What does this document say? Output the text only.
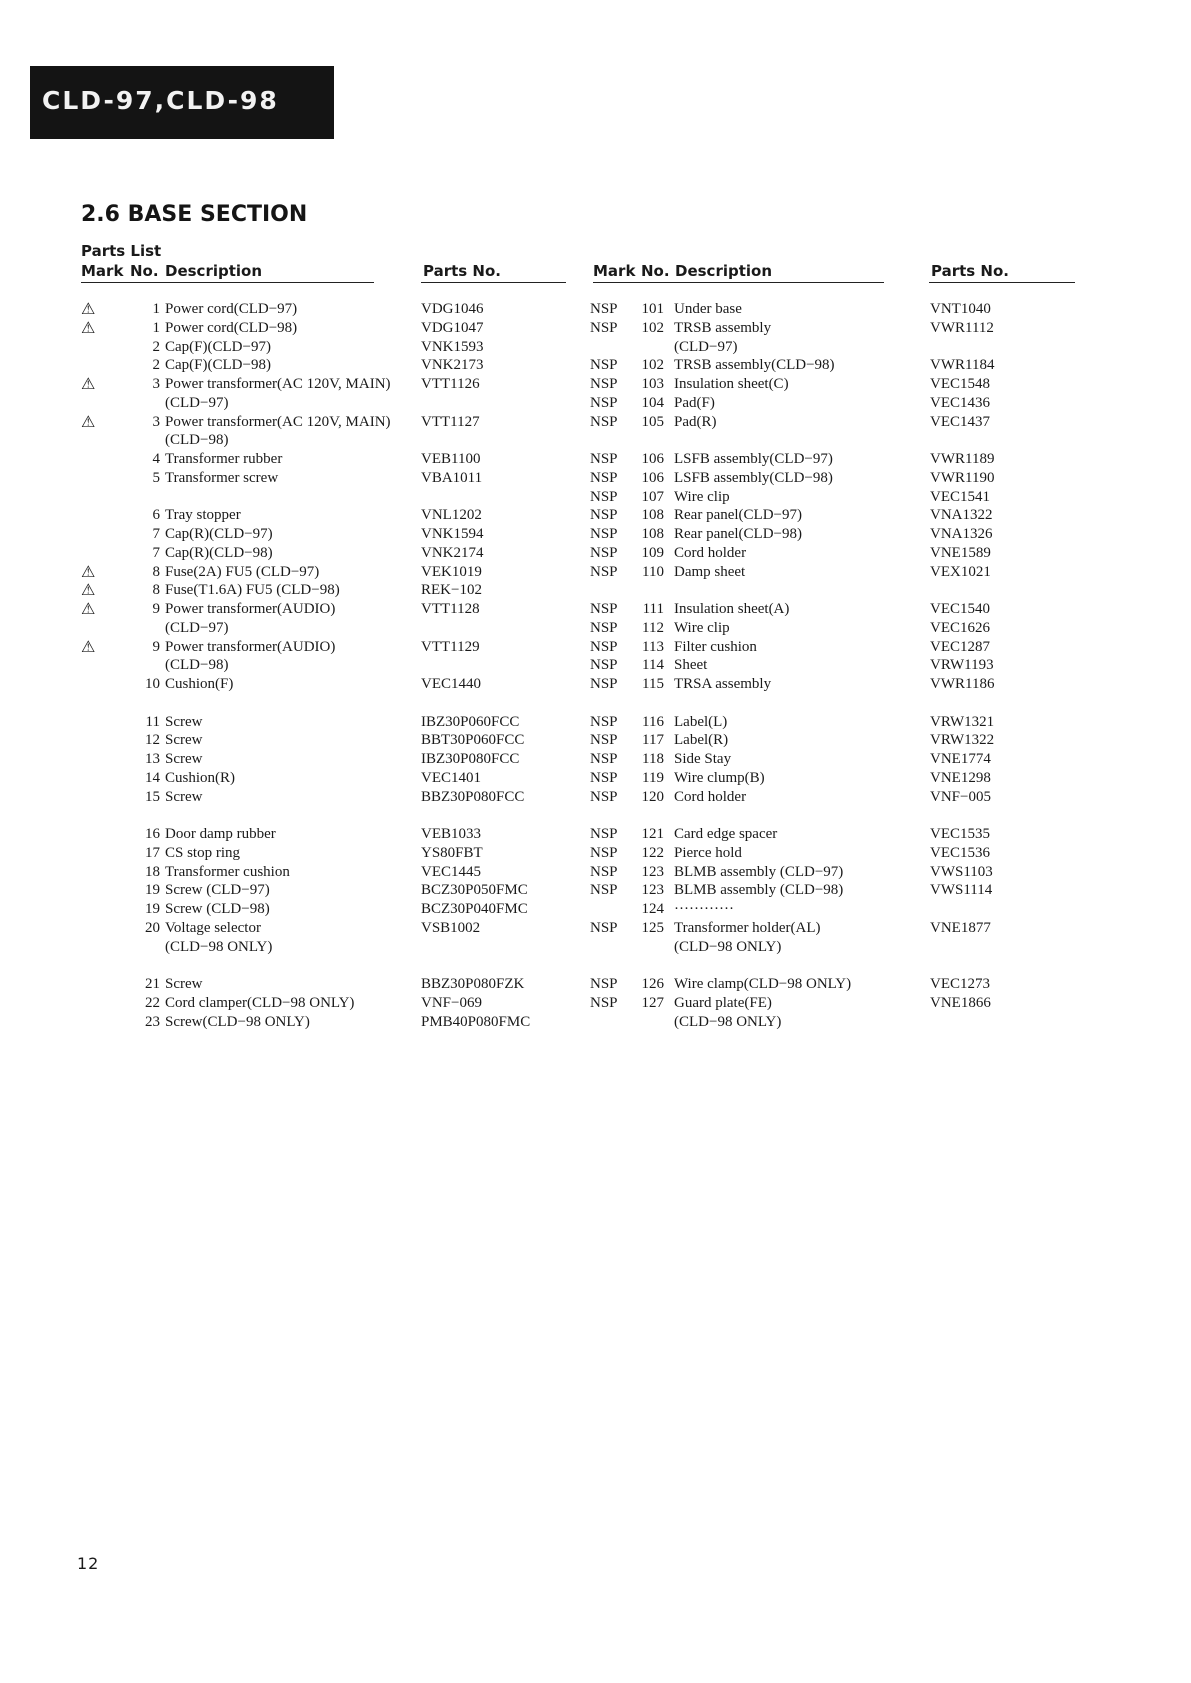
CLD-97,CLD-98
2.6 BASE SECTION
Parts List
Mark No. Description	Parts No.	Mark No. Description	Parts No.
⚠	1 Power cord(CLD−97)	VDG1046
⚠	1 Power cord(CLD−98)	VDG1047
2 Cap(F)(CLD−97)	VNK1593
2 Cap(F)(CLD−98)	VNK2173
⚠	3 Power transformer(AC 120V, MAIN) VTT1126
(CLD−97)
⚠	3 Power transformer(AC 120V, MAIN) VTT1127
(CLD−98)
4 Transformer rubber	VEB1100
5 Transformer screw	VBA1011
6 Tray stopper	VNL1202
7 Cap(R)(CLD−97)	VNK1594
7 Cap(R)(CLD−98)	VNK2174
⚠	8 Fuse(2A) FU5 (CLD−97)	VEK1019
⚠	8 Fuse(T1.6A) FU5 (CLD−98)	REK−102
⚠	9 Power transformer(AUDIO)	VTT1128
(CLD−97)
⚠	9 Power transformer(AUDIO)	VTT1129
(CLD−98)
10 Cushion(F)	VEC1440
11 Screw	IBZ30P060FCC
12 Screw	BBT30P060FCC
13 Screw	IBZ30P080FCC
14 Cushion(R)	VEC1401
15 Screw	BBZ30P080FCC
16 Door damp rubber	VEB1033
17 CS stop ring	YS80FBT
18 Transformer cushion	VEC1445
19 Screw (CLD−97)	BCZ30P050FMC
19 Screw (CLD−98)	BCZ30P040FMC
20 Voltage selector	VSB1002
(CLD−98 ONLY)
21 Screw	BBZ30P080FZK
22 Cord clamper(CLD−98 ONLY)	VNF−069
23 Screw(CLD−98 ONLY)	PMB40P080FMC
NSP 101 Under base	VNT1040
NSP 102 TRSB assembly	VWR1112
(CLD−97)
NSP 102 TRSB assembly(CLD−98)	VWR1184
NSP 103 Insulation sheet(C)	VEC1548
NSP 104 Pad(F)	VEC1436
NSP 105 Pad(R)	VEC1437
NSP 106 LSFB assembly(CLD−97)	VWR1189
NSP 106 LSFB assembly(CLD−98)	VWR1190
NSP 107 Wire clip	VEC1541
NSP 108 Rear panel(CLD−97)	VNA1322
NSP 108 Rear panel(CLD−98)	VNA1326
NSP 109 Cord holder	VNE1589
NSP 110 Damp sheet	VEX1021
NSP 111 Insulation sheet(A)	VEC1540
NSP 112 Wire clip	VEC1626
NSP 113 Filter cushion	VEC1287
NSP 114 Sheet	VRW1193
NSP 115 TRSA assembly	VWR1186
NSP 116 Label(L)	VRW1321
NSP 117 Label(R)	VRW1322
NSP 118 Side Stay	VNE1774
NSP 119 Wire clump(B)	VNE1298
NSP 120 Cord holder	VNF−005
NSP 121 Card edge spacer	VEC1535
NSP 122 Pierce hold	VEC1536
NSP 123 BLMB assembly (CLD−97)	VWS1103
NSP 123 BLMB assembly (CLD−98)	VWS1114
124 ············
NSP 125 Transformer holder(AL)	VNE1877
(CLD−98 ONLY)
NSP 126 Wire clamp(CLD−98 ONLY)	VEC1273
NSP 127 Guard plate(FE)	VNE1866
(CLD−98 ONLY)
12
